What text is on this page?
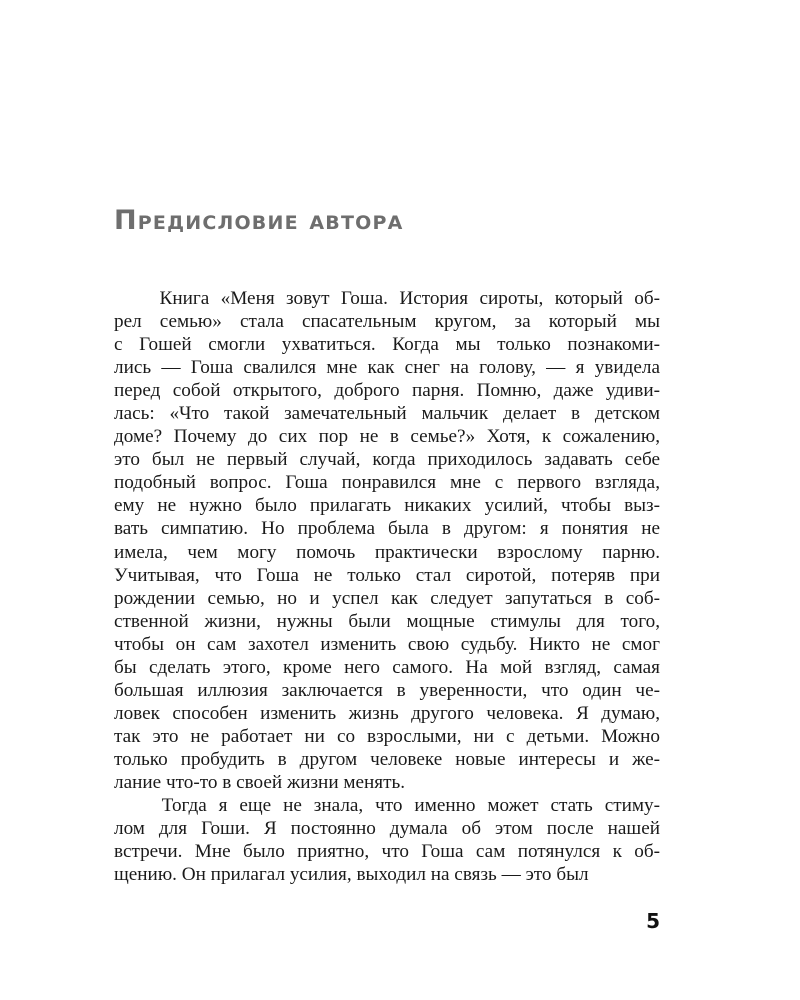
Предисловие автора
Книга «Меня зовут Гоша. История сироты, который об-
рел семью» стала спасательным кругом, за который мы
с Гошей смогли ухватиться. Когда мы только познакоми-
лись — Гоша свалился мне как снег на голову, — я увидела
перед собой открытого, доброго парня. Помню, даже удиви-
лась: «Что такой замечательный мальчик делает в детском
доме? Почему до сих пор не в семье?» Хотя, к сожалению,
это был не первый случай, когда приходилось задавать себе
подобный вопрос. Гоша понравился мне с первого взгляда,
ему не нужно было прилагать никаких усилий, чтобы выз-
вать симпатию. Но проблема была в другом: я понятия не
имела, чем могу помочь практически взрослому парню.
Учитывая, что Гоша не только стал сиротой, потеряв при
рождении семью, но и успел как следует запутаться в соб-
ственной жизни, нужны были мощные стимулы для того,
чтобы он сам захотел изменить свою судьбу. Никто не смог
бы сделать этого, кроме него самого. На мой взгляд, самая
большая иллюзия заключается в уверенности, что один че-
ловек способен изменить жизнь другого человека. Я думаю,
так это не работает ни со взрослыми, ни с детьми. Можно
только пробудить в другом человеке новые интересы и же-
лание что-то в своей жизни менять.
Тогда я еще не знала, что именно может стать стиму-
лом для Гоши. Я постоянно думала об этом после нашей
встречи. Мне было приятно, что Гоша сам потянулся к об-
щению. Он прилагал усилия, выходил на связь — это был
5
